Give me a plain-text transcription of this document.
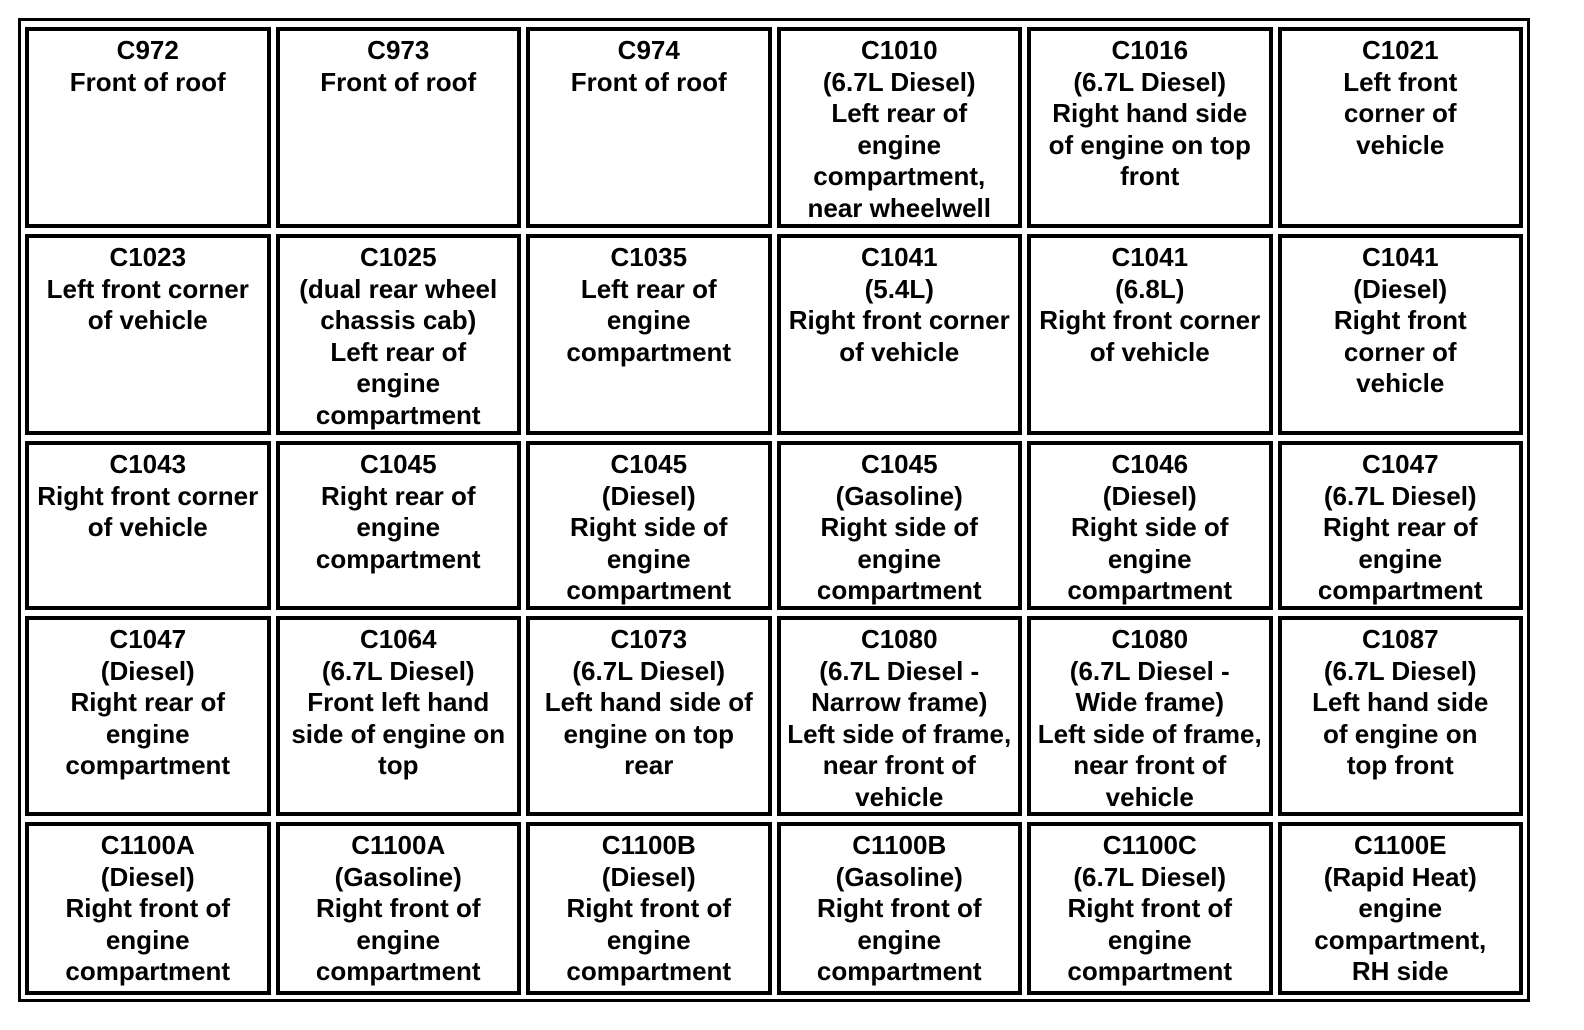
C972
Front of roof
C973
Front of roof
C974
Front of roof
C1010
(6.7L Diesel)
Left rear of
engine
compartment,
near wheelwell
C1016
(6.7L Diesel)
Right hand side
of engine on top
front
C1021
Left front
corner of
vehicle
C1023
Left front corner
of vehicle
C1025
(dual rear wheel
chassis cab)
Left rear of
engine
compartment
C1035
Left rear of
engine
compartment
C1041
(5.4L)
Right front corner
of vehicle
C1041
(6.8L)
Right front corner
of vehicle
C1041
(Diesel)
Right front
corner of
vehicle
C1043
Right front corner
of vehicle
C1045
Right rear of
engine
compartment
C1045
(Diesel)
Right side of
engine
compartment
C1045
(Gasoline)
Right side of
engine
compartment
C1046
(Diesel)
Right side of
engine
compartment
C1047
(6.7L Diesel)
Right rear of
engine
compartment
C1047
(Diesel)
Right rear of
engine
compartment
C1064
(6.7L Diesel)
Front left hand
side of engine on
top
C1073
(6.7L Diesel)
Left hand side of
engine on top
rear
C1080
(6.7L Diesel -
Narrow frame)
Left side of frame,
near front of
vehicle
C1080
(6.7L Diesel -
Wide frame)
Left side of frame,
near front of
vehicle
C1087
(6.7L Diesel)
Left hand side
of engine on
top front
C1100A
(Diesel)
Right front of
engine
compartment
C1100A
(Gasoline)
Right front of
engine
compartment
C1100B
(Diesel)
Right front of
engine
compartment
C1100B
(Gasoline)
Right front of
engine
compartment
C1100C
(6.7L Diesel)
Right front of
engine
compartment
C1100E
(Rapid Heat)
engine
compartment,
RH side
